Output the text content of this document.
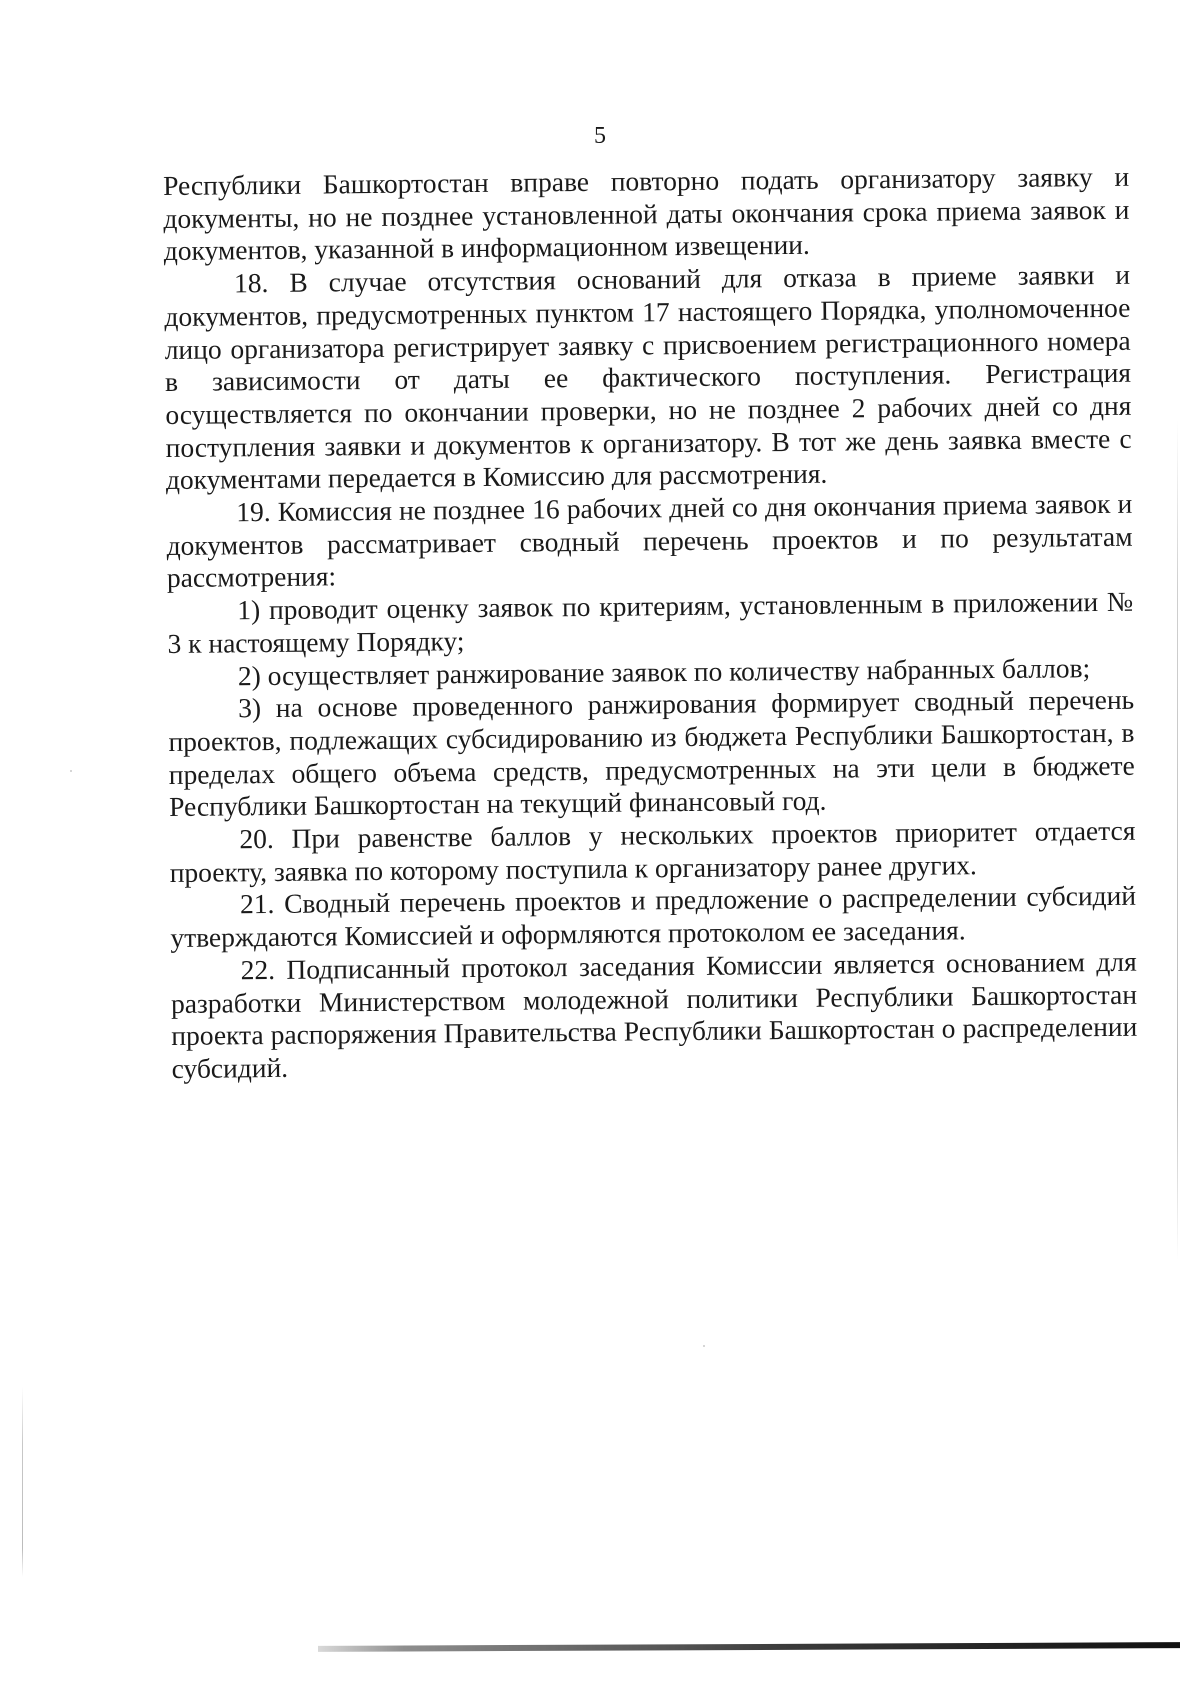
5

Республики Башкортостан вправе повторно подать организатору заявку и документы, но не позднее установленной даты окончания срока приема заявок и документов, указанной в информационном извещении.

18. В случае отсутствия оснований для отказа в приеме заявки и документов, предусмотренных пунктом 17 настоящего Порядка, уполномоченное лицо организатора регистрирует заявку с присвоением регистрационного номера в зависимости от даты ее фактического поступления. Регистрация осуществляется по окончании проверки, но не позднее 2 рабочих дней со дня поступления заявки и документов к организатору. В тот же день заявка вместе с документами передается в Комиссию для рассмотрения.

19. Комиссия не позднее 16 рабочих дней со дня окончания приема заявок и документов рассматривает сводный перечень проектов и по результатам рассмотрения:

1) проводит оценку заявок по критериям, установленным в приложении № 3 к настоящему Порядку;

2) осуществляет ранжирование заявок по количеству набранных баллов;

3) на основе проведенного ранжирования формирует сводный перечень проектов, подлежащих субсидированию из бюджета Республики Башкортостан, в пределах общего объема средств, предусмотренных на эти цели в бюджете Республики Башкортостан на текущий финансовый год.

20. При равенстве баллов у нескольких проектов приоритет отдается проекту, заявка по которому поступила к организатору ранее других.

21. Сводный перечень проектов и предложение о распределении субсидий утверждаются Комиссией и оформляются протоколом ее заседания.

22. Подписанный протокол заседания Комиссии является основанием для разработки Министерством молодежной политики Республики Башкортостан проекта распоряжения Правительства Республики Башкортостан о распределении субсидий.
